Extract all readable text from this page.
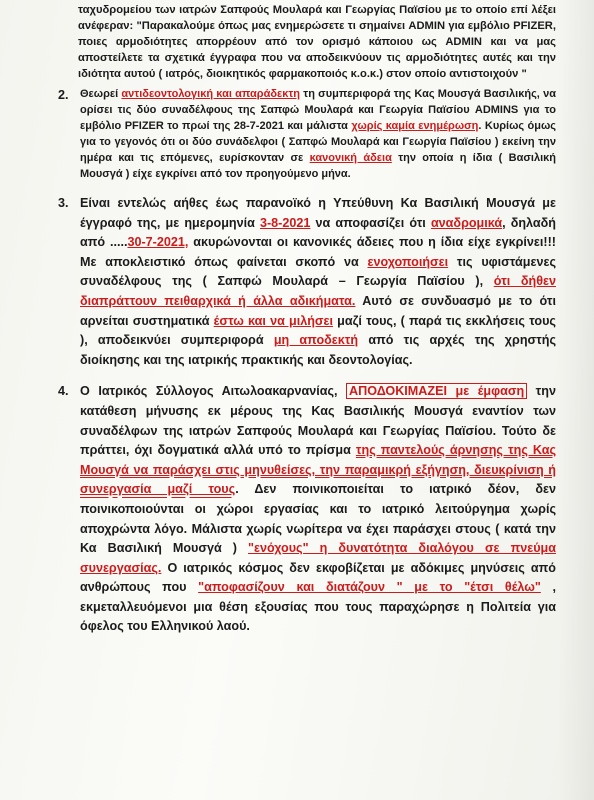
ταχυδρομείου των ιατρών Σαπφούς Μουλαρά και Γεωργίας Παϊσίου με το οποίο επί λέξει ανέφεραν: "Παρακαλούμε όπως μας ενημερώσετε τι σημαίνει ADMIN για εμβόλιο PFIZER, ποιες αρμοδιότητες απορρέουν από τον ορισμό κάποιου ως ADMIN και να μας αποστείλετε τα σχετικά έγγραφα που να αποδεικνύουν τις αρμοδιότητες αυτές και την ιδιότητα αυτού ( ιατρός, διοικητικός φαρμακοποιός κ.ο.κ.) στον οποίο αντιστοιχούν "

2. Θεωρεί αντιδεοντολογική και απαράδεκτη τη συμπεριφορά της Κας Μουσγά Βασιλικής, να ορίσει τις δύο συναδέλφους της Σαπφώ Μουλαρά και Γεωργία Παϊσίου ADMINS για το εμβόλιο PFIZER το πρωί της 28-7-2021 και μάλιστα χωρίς καμία ενημέρωση. Κυρίως όμως για το γεγονός ότι οι δύο συνάδελφοι ( Σαπφώ Μουλαρά και Γεωργία Παϊσίου ) εκείνη την ημέρα και τις επόμενες, ευρίσκονταν σε κανονική άδεια την οποία η ίδια ( Βασιλική Μουσγά ) είχε εγκρίνει από τον προηγούμενο μήνα.

3. Είναι εντελώς αήθες έως παρανοϊκό η Υπεύθυνη Κα Βασιλική Μουσγά με έγγραφό της, με ημερομηνία 3-8-2021 να αποφασίζει ότι αναδρομικά, δηλαδή από .....30-7-2021, ακυρώνονται οι κανονικές άδειες που η ίδια είχε εγκρίνει!!! Με αποκλειστικό όπως φαίνεται σκοπό να ενοχοποιήσει τις υφιστάμενες συναδέλφους της ( Σαπφώ Μουλαρά – Γεωργία Παϊσίου ), ότι δήθεν διαπράττουν πειθαρχικά ή άλλα αδικήματα. Αυτό σε συνδυασμό με το ότι αρνείται συστηματικά έστω και να μιλήσει μαζί τους, ( παρά τις εκκλήσεις τους ), αποδεικνύει συμπεριφορά μη αποδεκτή από τις αρχές της χρηστής διοίκησης και της ιατρικής πρακτικής και δεοντολογίας.

4. Ο Ιατρικός Σύλλογος Αιτωλοακαρνανίας, ΑΠΟΔΟΚΙΜΑΖΕΙ με έμφαση την κατάθεση μήνυσης εκ μέρους της Κας Βασιλικής Μουσγά εναντίον των συναδέλφων της ιατρών Σαπφούς Μουλαρά και Γεωργίας Παϊσίου. Τούτο δε πράττει, όχι δογματικά αλλά υπό το πρίσμα της παντελούς άρνησης της Κας Μουσγά να παράσχει στις μηνυθείσες, την παραμικρή εξήγηση, διευκρίνιση ή συνεργασία μαζί τους. Δεν ποινικοποιείται το ιατρικό δέον, δεν ποινικοποιούνται οι χώροι εργασίας και το ιατρικό λειτούργημα χωρίς αποχρώντα λόγο. Μάλιστα χωρίς νωρίτερα να έχει παράσχει στους ( κατά την Κα Βασιλική Μουσγά ) "ενόχους" η δυνατότητα διαλόγου σε πνεύμα συνεργασίας. Ο ιατρικός κόσμος δεν εκφοβίζεται με αδόκιμες μηνύσεις από ανθρώπους που "αποφασίζουν και διατάζουν " με το "έτσι θέλω" , εκμεταλλευόμενοι μια θέση εξουσίας που τους παραχώρησε η Πολιτεία για όφελος του Ελληνικού λαού.
